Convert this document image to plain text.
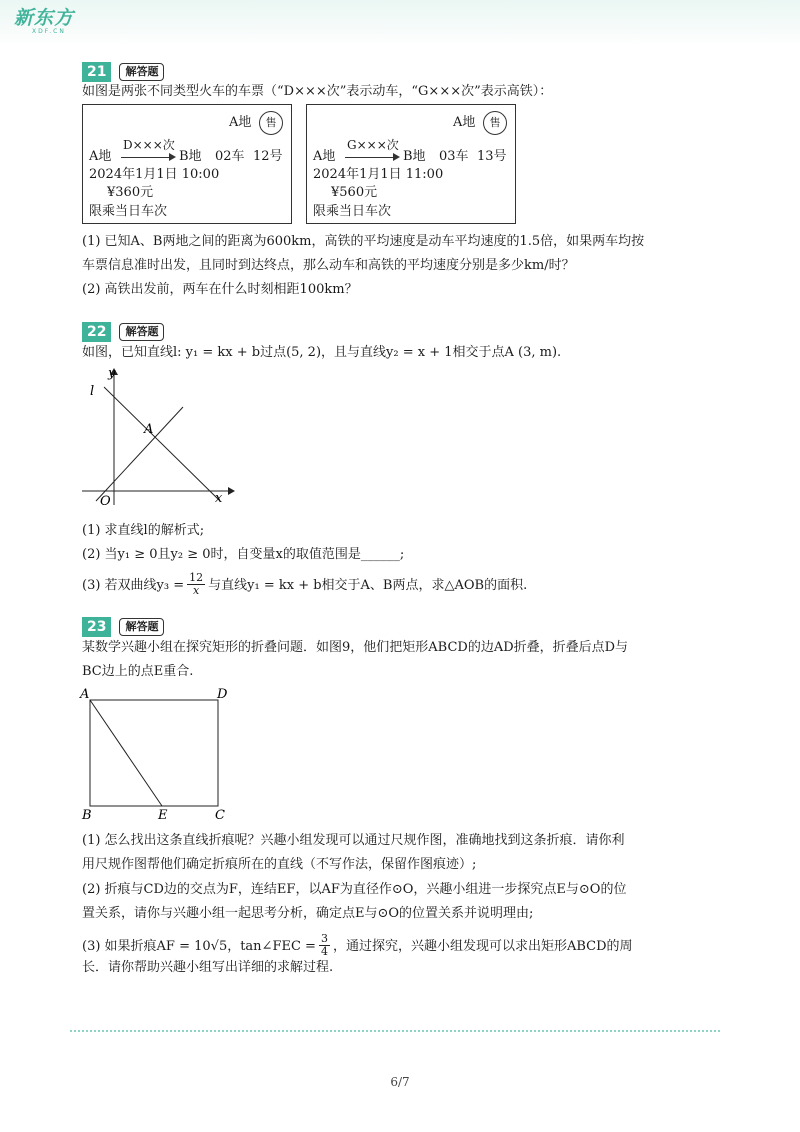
新东方
XDF.CN
21	解答题
如图是两张不同类型火车的车票（“D×××次”表示动车，“G×××次”表示高铁）：
A地	售
D×××次
A地	B地 02车 12号
2024年1月1日 10:00
¥360元
限乘当日车次
A地	售
G×××次
A地	B地 03车 13号
2024年1月1日 11:00
¥560元
限乘当日车次
(1) 已知A、B两地之间的距离为600km，高铁的平均速度是动车平均速度的1.5倍，如果两车均按
车票信息准时出发，且同时到达终点，那么动车和高铁的平均速度分别是多少km/时？
(2) 高铁出发前，两车在什么时刻相距100km？
22	解答题
如图，已知直线l: y₁ = kx + b过点(5, 2)，且与直线y₂ = x + 1相交于点A (3, m).
y
l
A
O	x
(1) 求直线l的解析式;
(2) 当y₁ ≥ 0且y₂ ≥ 0时，自变量x的取值范围是______;
(3) 若双曲线$y_3 = \frac{12}{x}$ 与直线y₁ = kx + b相交于A、B两点，求△AOB的面积.
23	解答题
某数学兴趣小组在探究矩形的折叠问题．如图9，他们把矩形ABCD的边AD折叠，折叠后点D与
BC边上的点E重合.
A	D
B	E	C
(1) 怎么找出这条直线折痕呢？兴趣小组发现可以通过尺规作图，准确地找到这条折痕．请你利
用尺规作图帮他们确定折痕所在的直线（不写作法，保留作图痕迹）;
(2) 折痕与CD边的交点为F，连结EF，以AF为直径作⊙O，兴趣小组进一步探究点E与⊙O的位
置关系，请你与兴趣小组一起思考分析，确定点E与⊙O的位置关系并说明理由;
(3) 如果折痕AF = 10√5，tan∠FEC = $\frac{3}{4}$ ，通过探究，兴趣小组发现可以求出矩形ABCD的周
长．请你帮助兴趣小组写出详细的求解过程.
6/7
